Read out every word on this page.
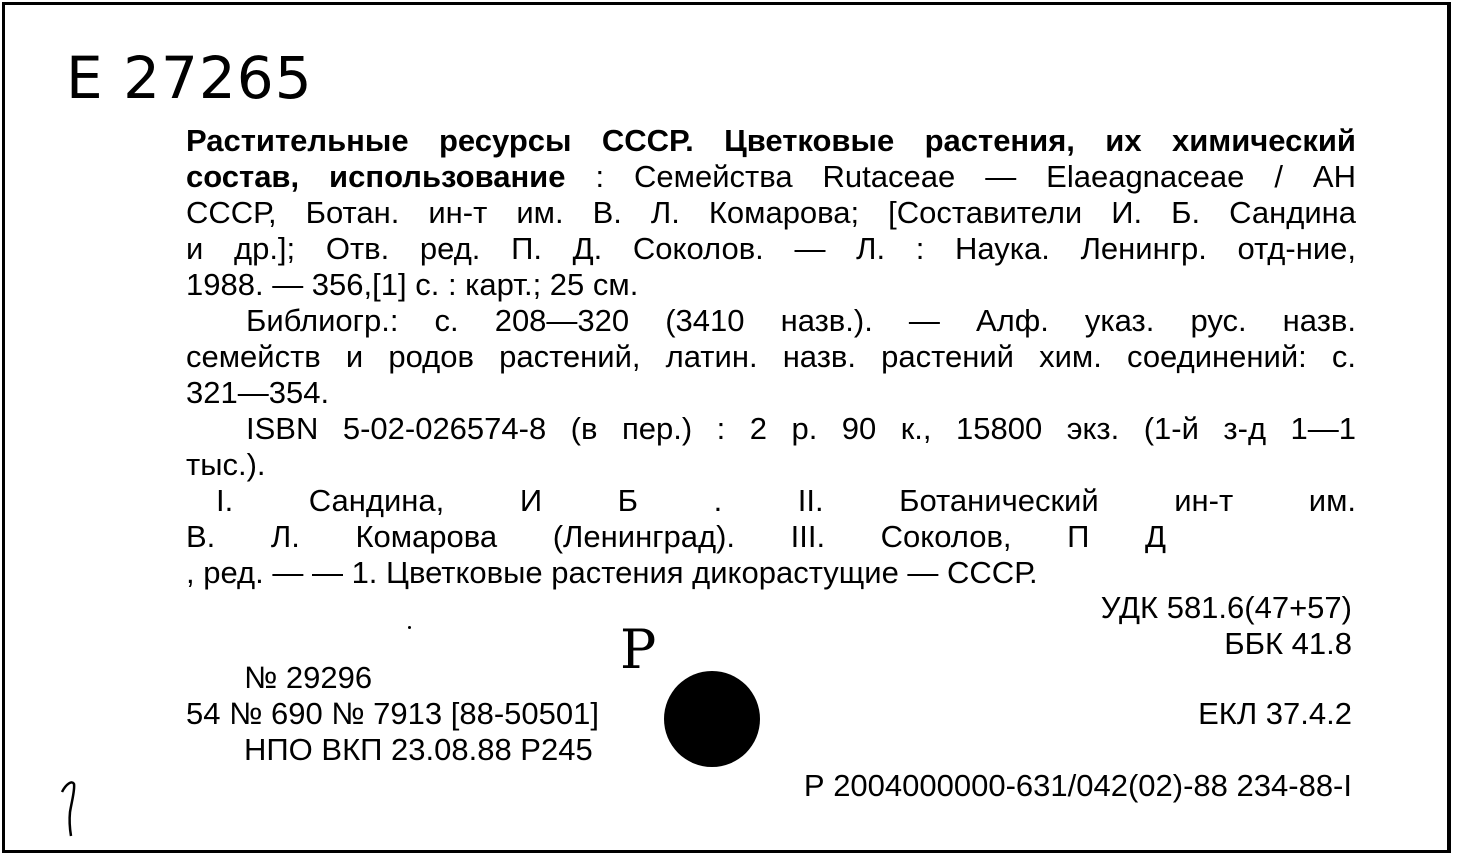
Е 27265
Растительные ресурсы СССР. Цветковые растения, их химический
состав, использование : Семейства Rutaceae — Elaeagnaceae / АН
СССР, Ботан. ин-т им. В. Л. Комарова; [Составители И. Б. Сандина
и др.]; Отв. ред. П. Д. Соколов. — Л. : Наука. Ленингр. отд-ние,
1988. — 356,[1] с. : карт.; 25 см.
Библиогр.: с. 208—320 (3410 назв.). — Алф. указ. рус. назв.
семейств и родов растений, латин. назв. растений хим. соединений: с.
321—354.
ISBN 5-02-026574-8 (в пер.) : 2 р. 90 к., 15800 экз. (1-й з-д 1—1
тыс.).
I. Сандина, И Б . II. Ботанический ин-т им.
В. Л. Комарова (Ленинград). III. Соколов, П Д
, ред. — — 1. Цветковые растения дикорастущие — СССР.
УДК 581.6(47+57)
ББК 41.8
Р
№ 29296
54 № 690 № 7913 [88-50501]
НПО ВКП 23.08.88 Р245
ЕКЛ 37.4.2
Р 2004000000-631/042(02)-88 234-88-I
